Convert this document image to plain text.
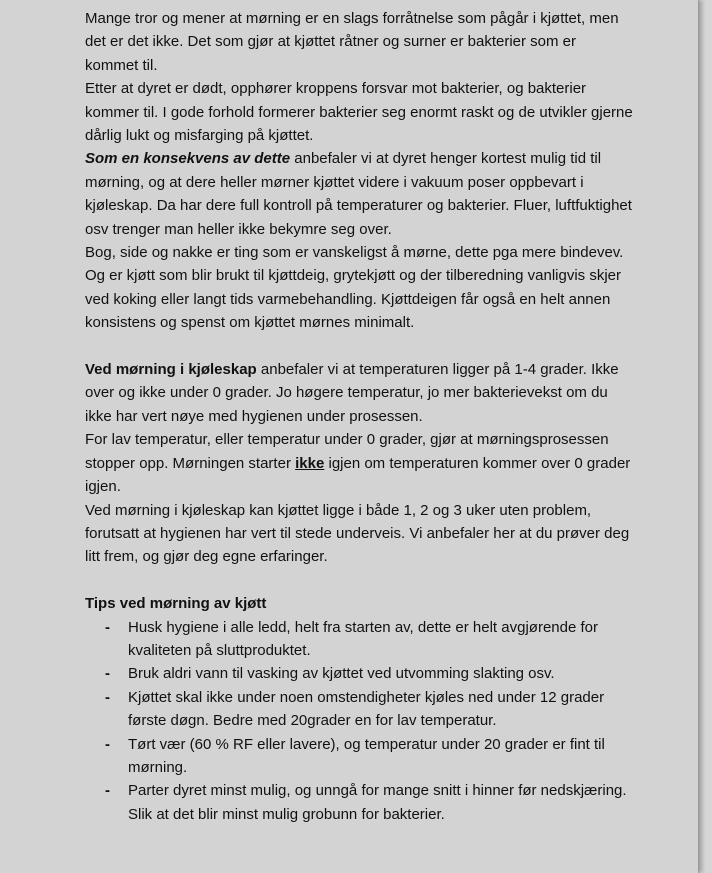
Mange tror og mener at mørning er en slags forråtnelse som pågår i kjøttet, men det er det ikke. Det som gjør at kjøttet råtner og surner er bakterier som er kommet til.

Etter at dyret er dødt, opphører kroppens forsvar mot bakterier, og bakterier kommer til. I gode forhold formerer bakterier seg enormt raskt og de utvikler gjerne dårlig lukt og misfarging på kjøttet.

Som en konsekvens av dette anbefaler vi at dyret henger kortest mulig tid til mørning, og at dere heller mørner kjøttet videre i vakuum poser oppbevart i kjøleskap. Da har dere full kontroll på temperaturer og bakterier. Fluer, luftfuktighet osv trenger man heller ikke bekymre seg over.

Bog, side og nakke er ting som er vanskeligst å mørne, dette pga mere bindevev. Og er kjøtt som blir brukt til kjøttdeig, grytekjøtt og der tilberedning vanligvis skjer ved koking eller langt tids varmebehandling. Kjøttdeigen får også en helt annen konsistens og spenst om kjøttet mørnes minimalt.

Ved mørning i kjøleskap anbefaler vi at temperaturen ligger på 1-4 grader. Ikke over og ikke under 0 grader. Jo høgere temperatur, jo mer bakterievekst om du ikke har vert nøye med hygienen under prosessen.

For lav temperatur, eller temperatur under 0 grader, gjør at mørningsprosessen stopper opp. Mørningen starter ikke igjen om temperaturen kommer over 0 grader igjen.

Ved mørning i kjøleskap kan kjøttet ligge i både 1, 2 og 3 uker uten problem, forutsatt at hygienen har vert til stede underveis. Vi anbefaler her at du prøver deg litt frem, og gjør deg egne erfaringer.

Tips ved mørning av kjøtt

- Husk hygiene i alle ledd, helt fra starten av, dette er helt avgjørende for kvaliteten på sluttproduktet.
- Bruk aldri vann til vasking av kjøttet ved utvomming slakting osv.
- Kjøttet skal ikke under noen omstendigheter kjøles ned under 12 grader første døgn. Bedre med 20grader en for lav temperatur.
- Tørt vær (60 % RF eller lavere), og temperatur under 20 grader er fint til mørning.
- Parter dyret minst mulig, og unngå for mange snitt i hinner før nedskjæring. Slik at det blir minst mulig grobunn for bakterier.
